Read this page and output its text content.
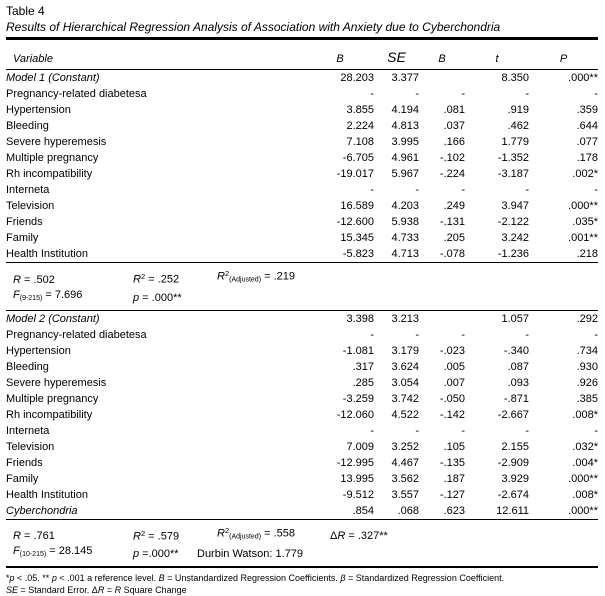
Table 4
Results of Hierarchical Regression Analysis of Association with Anxiety due to Cyberchondria
Variable	B	SE	B	t	P
Model 1 (Constant)	28.203	3.377		8.350	.000**
Pregnancy-related diabetesa	-	-	-	-	-
Hypertension	3.855	4.194	.081	.919	.359
Bleeding	2.224	4.813	.037	.462	.644
Severe hyperemesis	7.108	3.995	.166	1.779	.077
Multiple pregnancy	-6.705	4.961	-.102	-1.352	.178
Rh incompatibility	-19.017	5.967	-.224	-3.187	.002*
Interneta	-	-	-	-	-
Television	16.589	4.203	.249	3.947	.000**
Friends	-12.600	5.938	-.131	-2.122	.035*
Family	15.345	4.733	.205	3.242	.001**
Health Institution	-5.823	4.713	-.078	-1.236	.218

R = .502 $R^2 = .252$ $R^2_{(Adjusted)} = .219$
$F_{(9-215)} = 7.696$ p = .000**					

Model 2 (Constant)	3.398	3.213		1.057	.292
Pregnancy-related diabetesa	-	-	-	-	-
Hypertension	-1.081	3.179	-.023	-.340	.734
Bleeding	.317	3.624	.005	.087	.930
Severe hyperemesis	.285	3.054	.007	.093	.926
Multiple pregnancy	-3.259	3.742	-.050	-.871	.385
Rh incompatibility	-12.060	4.522	-.142	-2.667	.008*
Interneta	-	-	-	-	-
Television	7.009	3.252	.105	2.155	.032*
Friends	-12.995	4.467	-.135	-2.909	.004*
Family	13.995	3.562	.187	3.929	.000**
Health Institution	-9.512	3.557	-.127	-2.674	.008*
Cyberchondria	.854	.068	.623	12.611	.000**

R = .761 $R^2 = .579$ $R^2_{(Adjusted)} = .558$ ΔR = .327**
$F_{(10-215)} = 28.145$ p =.000** Durbin Watson: 1.779					
*p < .05. ** p < .001 a reference level. B = Unstandardized Regression Coefficients. β = Standardized Regression Coefficient.
SE = Standard Error. ΔR = R Square Change
